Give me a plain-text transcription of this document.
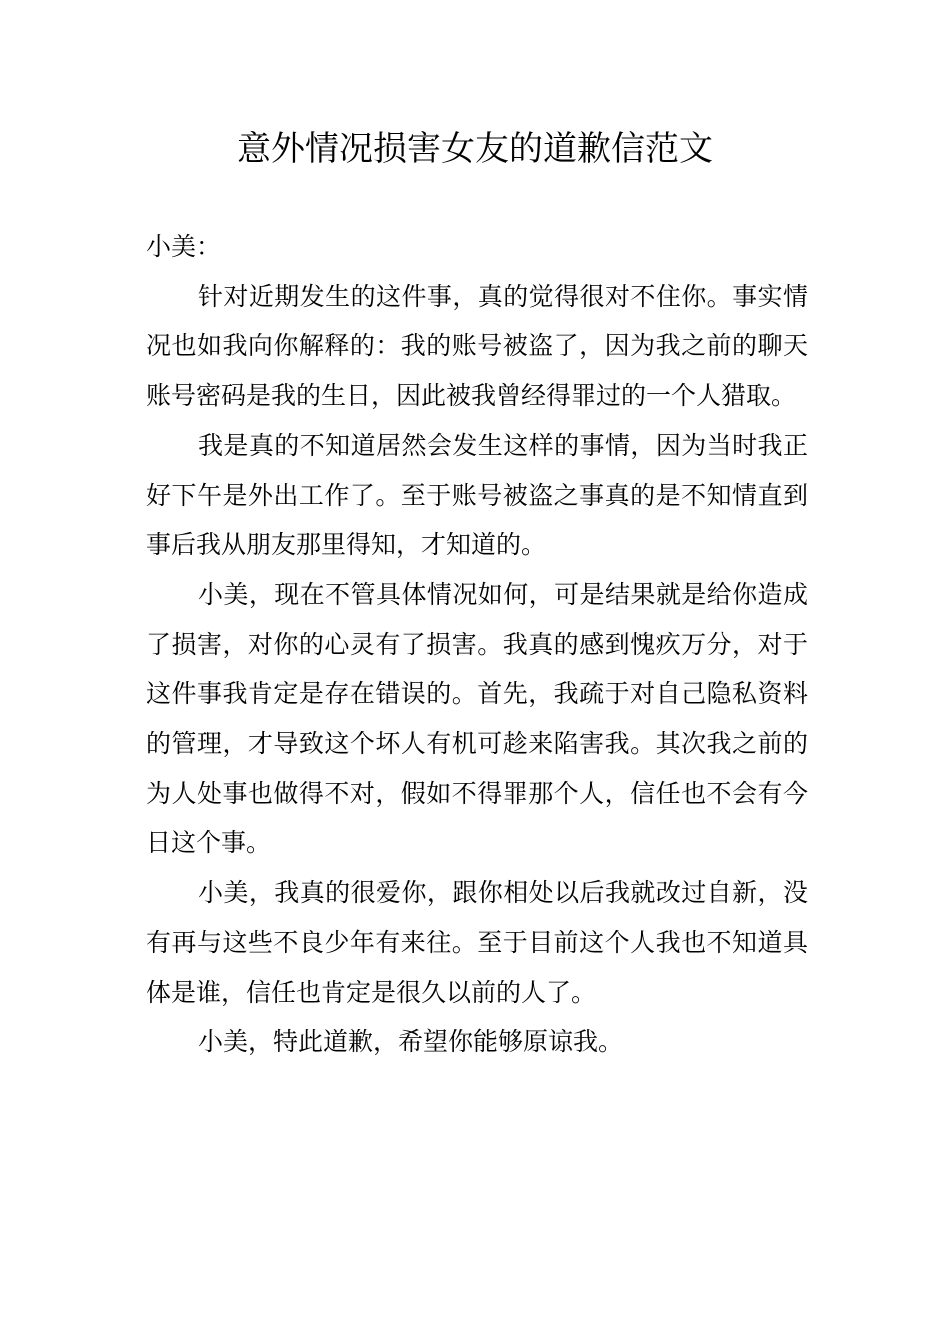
意外情况损害女友的道歉信范文

小美：

针对近期发生的这件事，真的觉得很对不住你。事实情况也如我向你解释的：我的账号被盗了，因为我之前的聊天账号密码是我的生日，因此被我曾经得罪过的一个人猎取。

我是真的不知道居然会发生这样的事情，因为当时我正好下午是外出工作了。至于账号被盗之事真的是不知情直到事后我从朋友那里得知，才知道的。

小美，现在不管具体情况如何，可是结果就是给你造成了损害，对你的心灵有了损害。我真的感到愧疚万分，对于这件事我肯定是存在错误的。首先，我疏于对自己隐私资料的管理，才导致这个坏人有机可趁来陷害我。其次我之前的为人处事也做得不对，假如不得罪那个人，信任也不会有今日这个事。

小美，我真的很爱你，跟你相处以后我就改过自新，没有再与这些不良少年有来往。至于目前这个人我也不知道具体是谁，信任也肯定是很久以前的人了。

小美，特此道歉，希望你能够原谅我。
